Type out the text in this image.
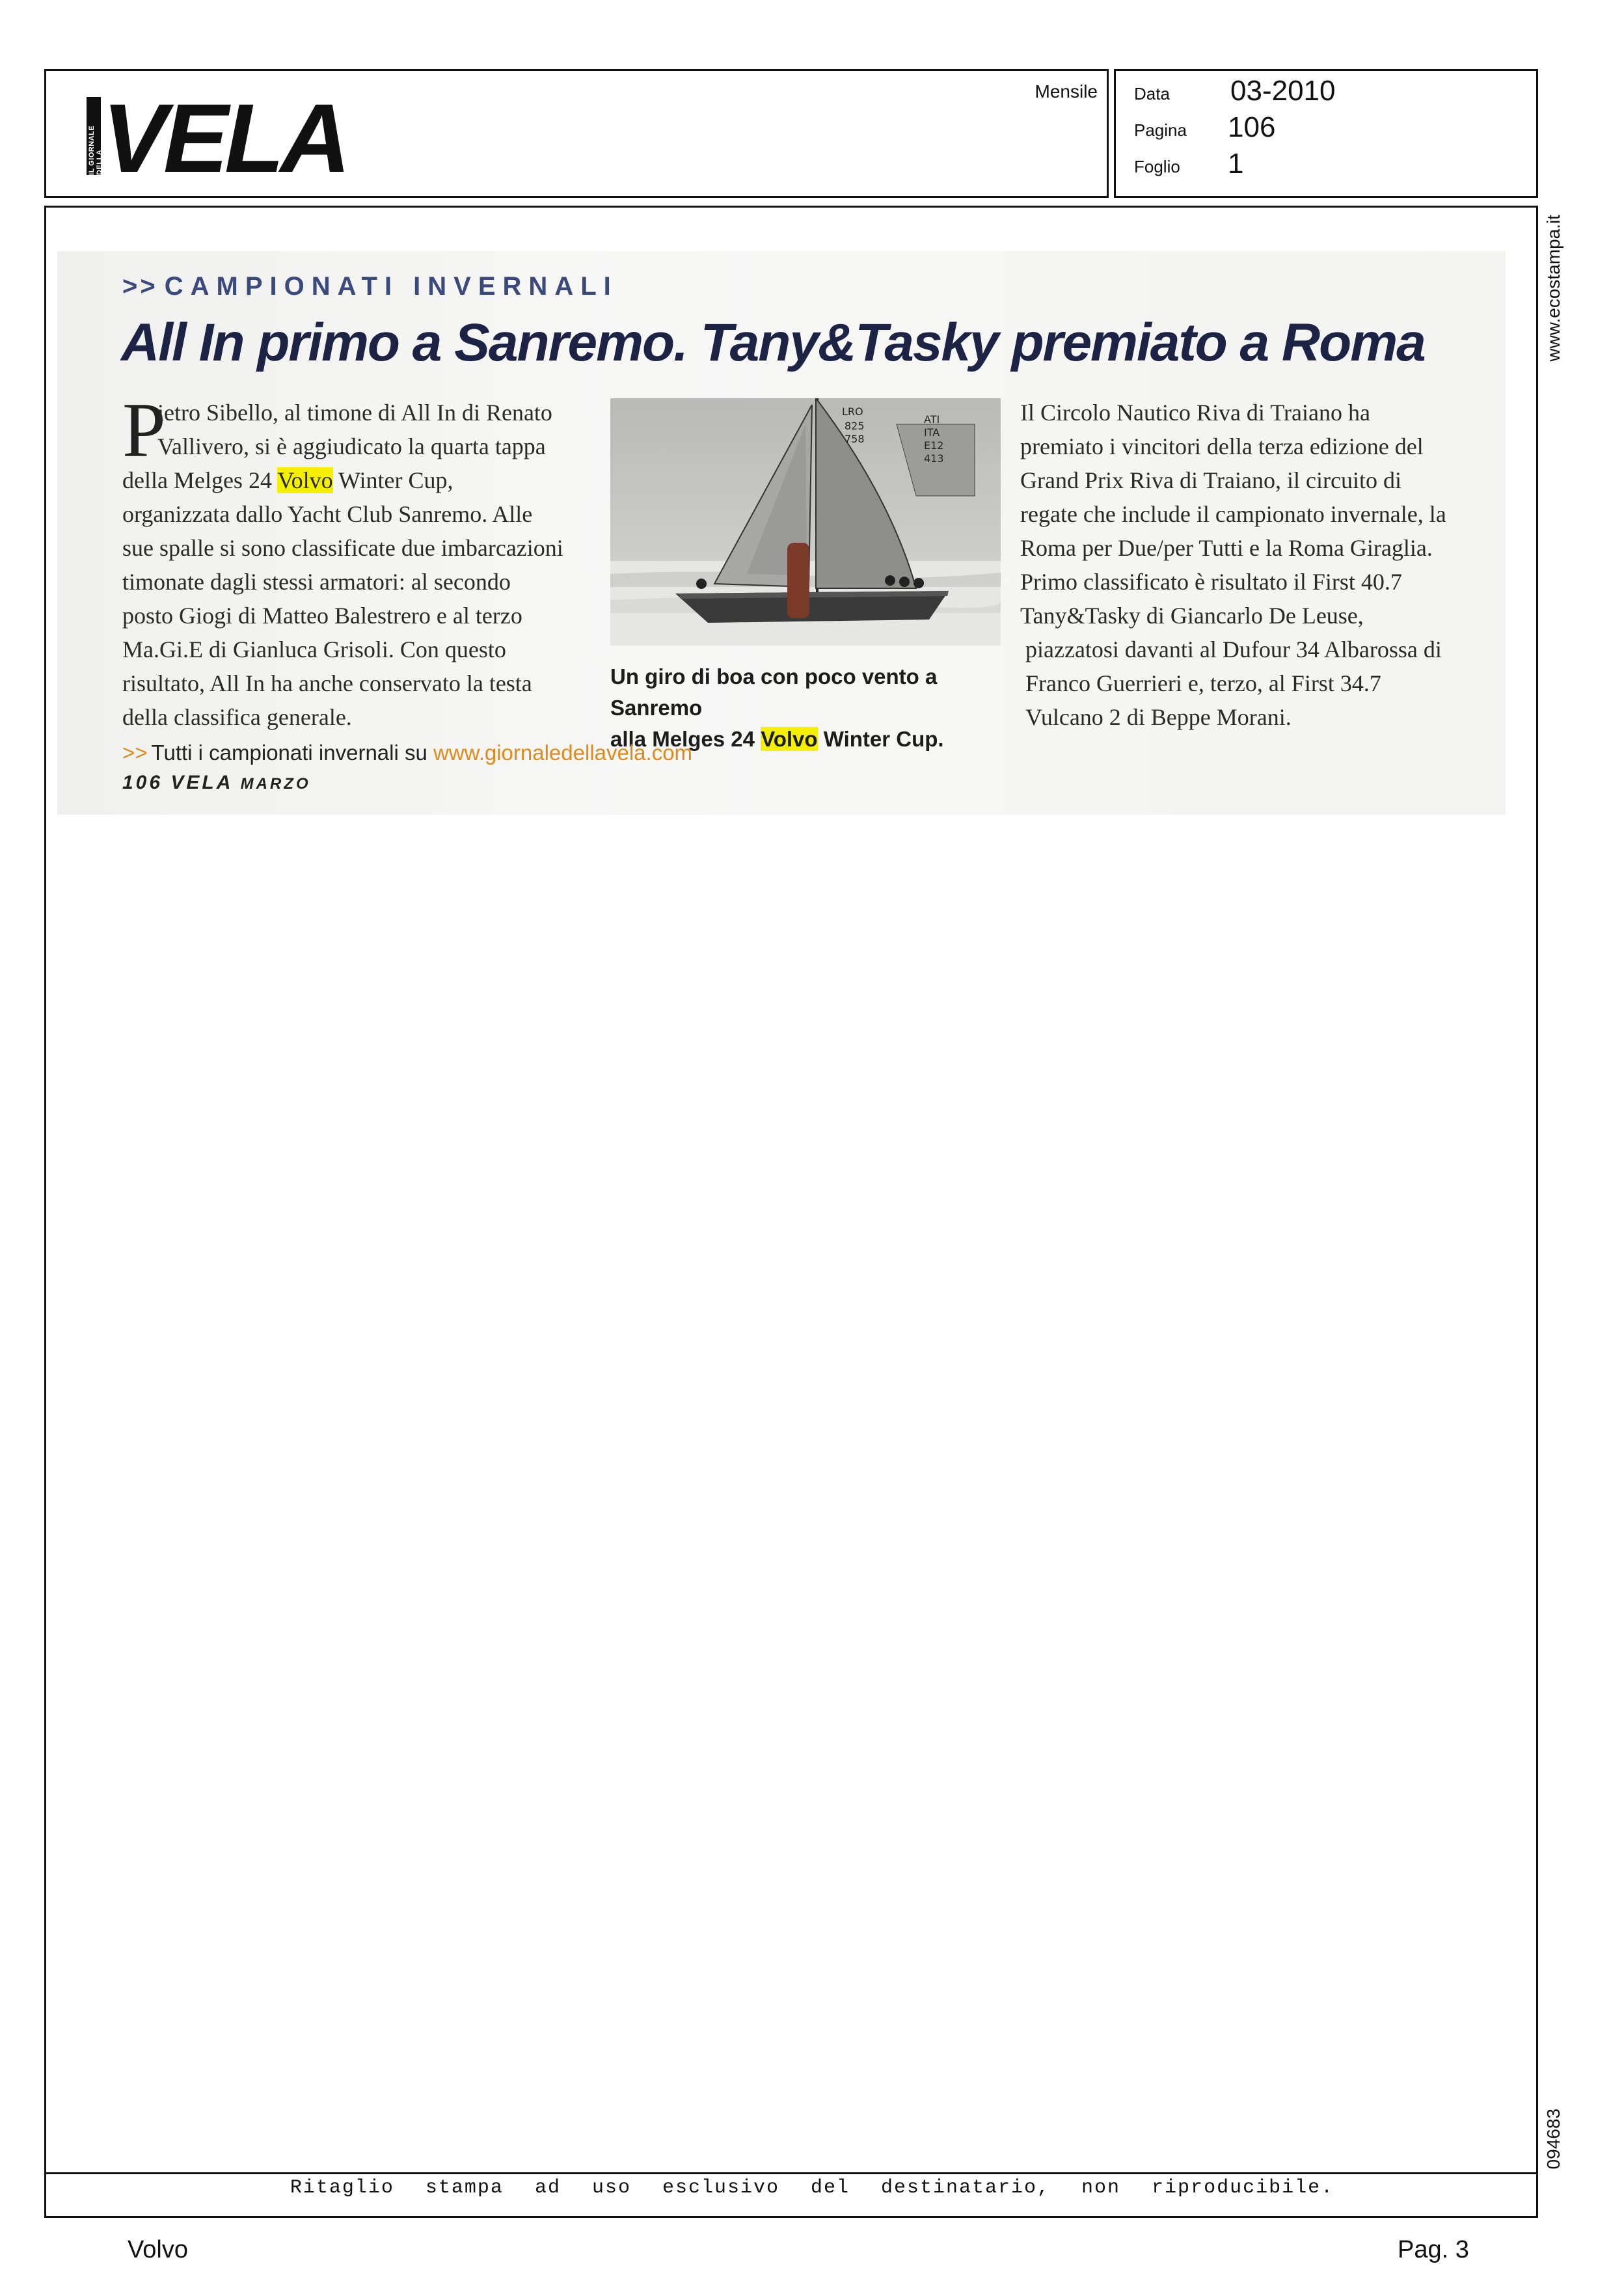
IL GIORNALE DELLA
VELA	Mensile Data 03-2010
Pagina 106
Foglio 1
Ritaglio stampa ad uso esclusivo del destinatario, non riproducibile.
www.ecostampa.it
094683
>> CAMPIONATI INVERNALI
All In primo a Sanremo. Tany&Tasky premiato a Roma
P
ietro Sibello, al timone di All In di Renato
Vallivero, si è aggiudicato la quarta tappa
della Melges 24 Volvo Winter Cup,
organizzata dallo Yacht Club Sanremo. Alle
sue spalle si sono classificate due imbarcazioni
timonate dagli stessi armatori: al secondo
posto Giogi di Matteo Balestrero e al terzo
Ma.Gi.E di Gianluca Grisoli. Con questo
risultato, All In ha anche conservato la testa
della classifica generale.
LRO
825
758
ATI
ITA
E12
413
Un giro di boa con poco vento a Sanremo
alla Melges 24 Volvo Winter Cup.
Il Circolo Nautico Riva di Traiano ha
premiato i vincitori della terza edizione del
Grand Prix Riva di Traiano, il circuito di
regate che include il campionato invernale, la
Roma per Due/per Tutti e la Roma Giraglia.
Primo classificato è risultato il First 40.7
Tany&Tasky di Giancarlo De Leuse,
piazzatosi davanti al Dufour 34 Albarossa di
Franco Guerrieri e, terzo, al First 34.7
Vulcano 2 di Beppe Morani.
>> Tutti i campionati invernali su www.giornaledellavela.com
106 VELA MARZO
Volvo	Pag. 3
